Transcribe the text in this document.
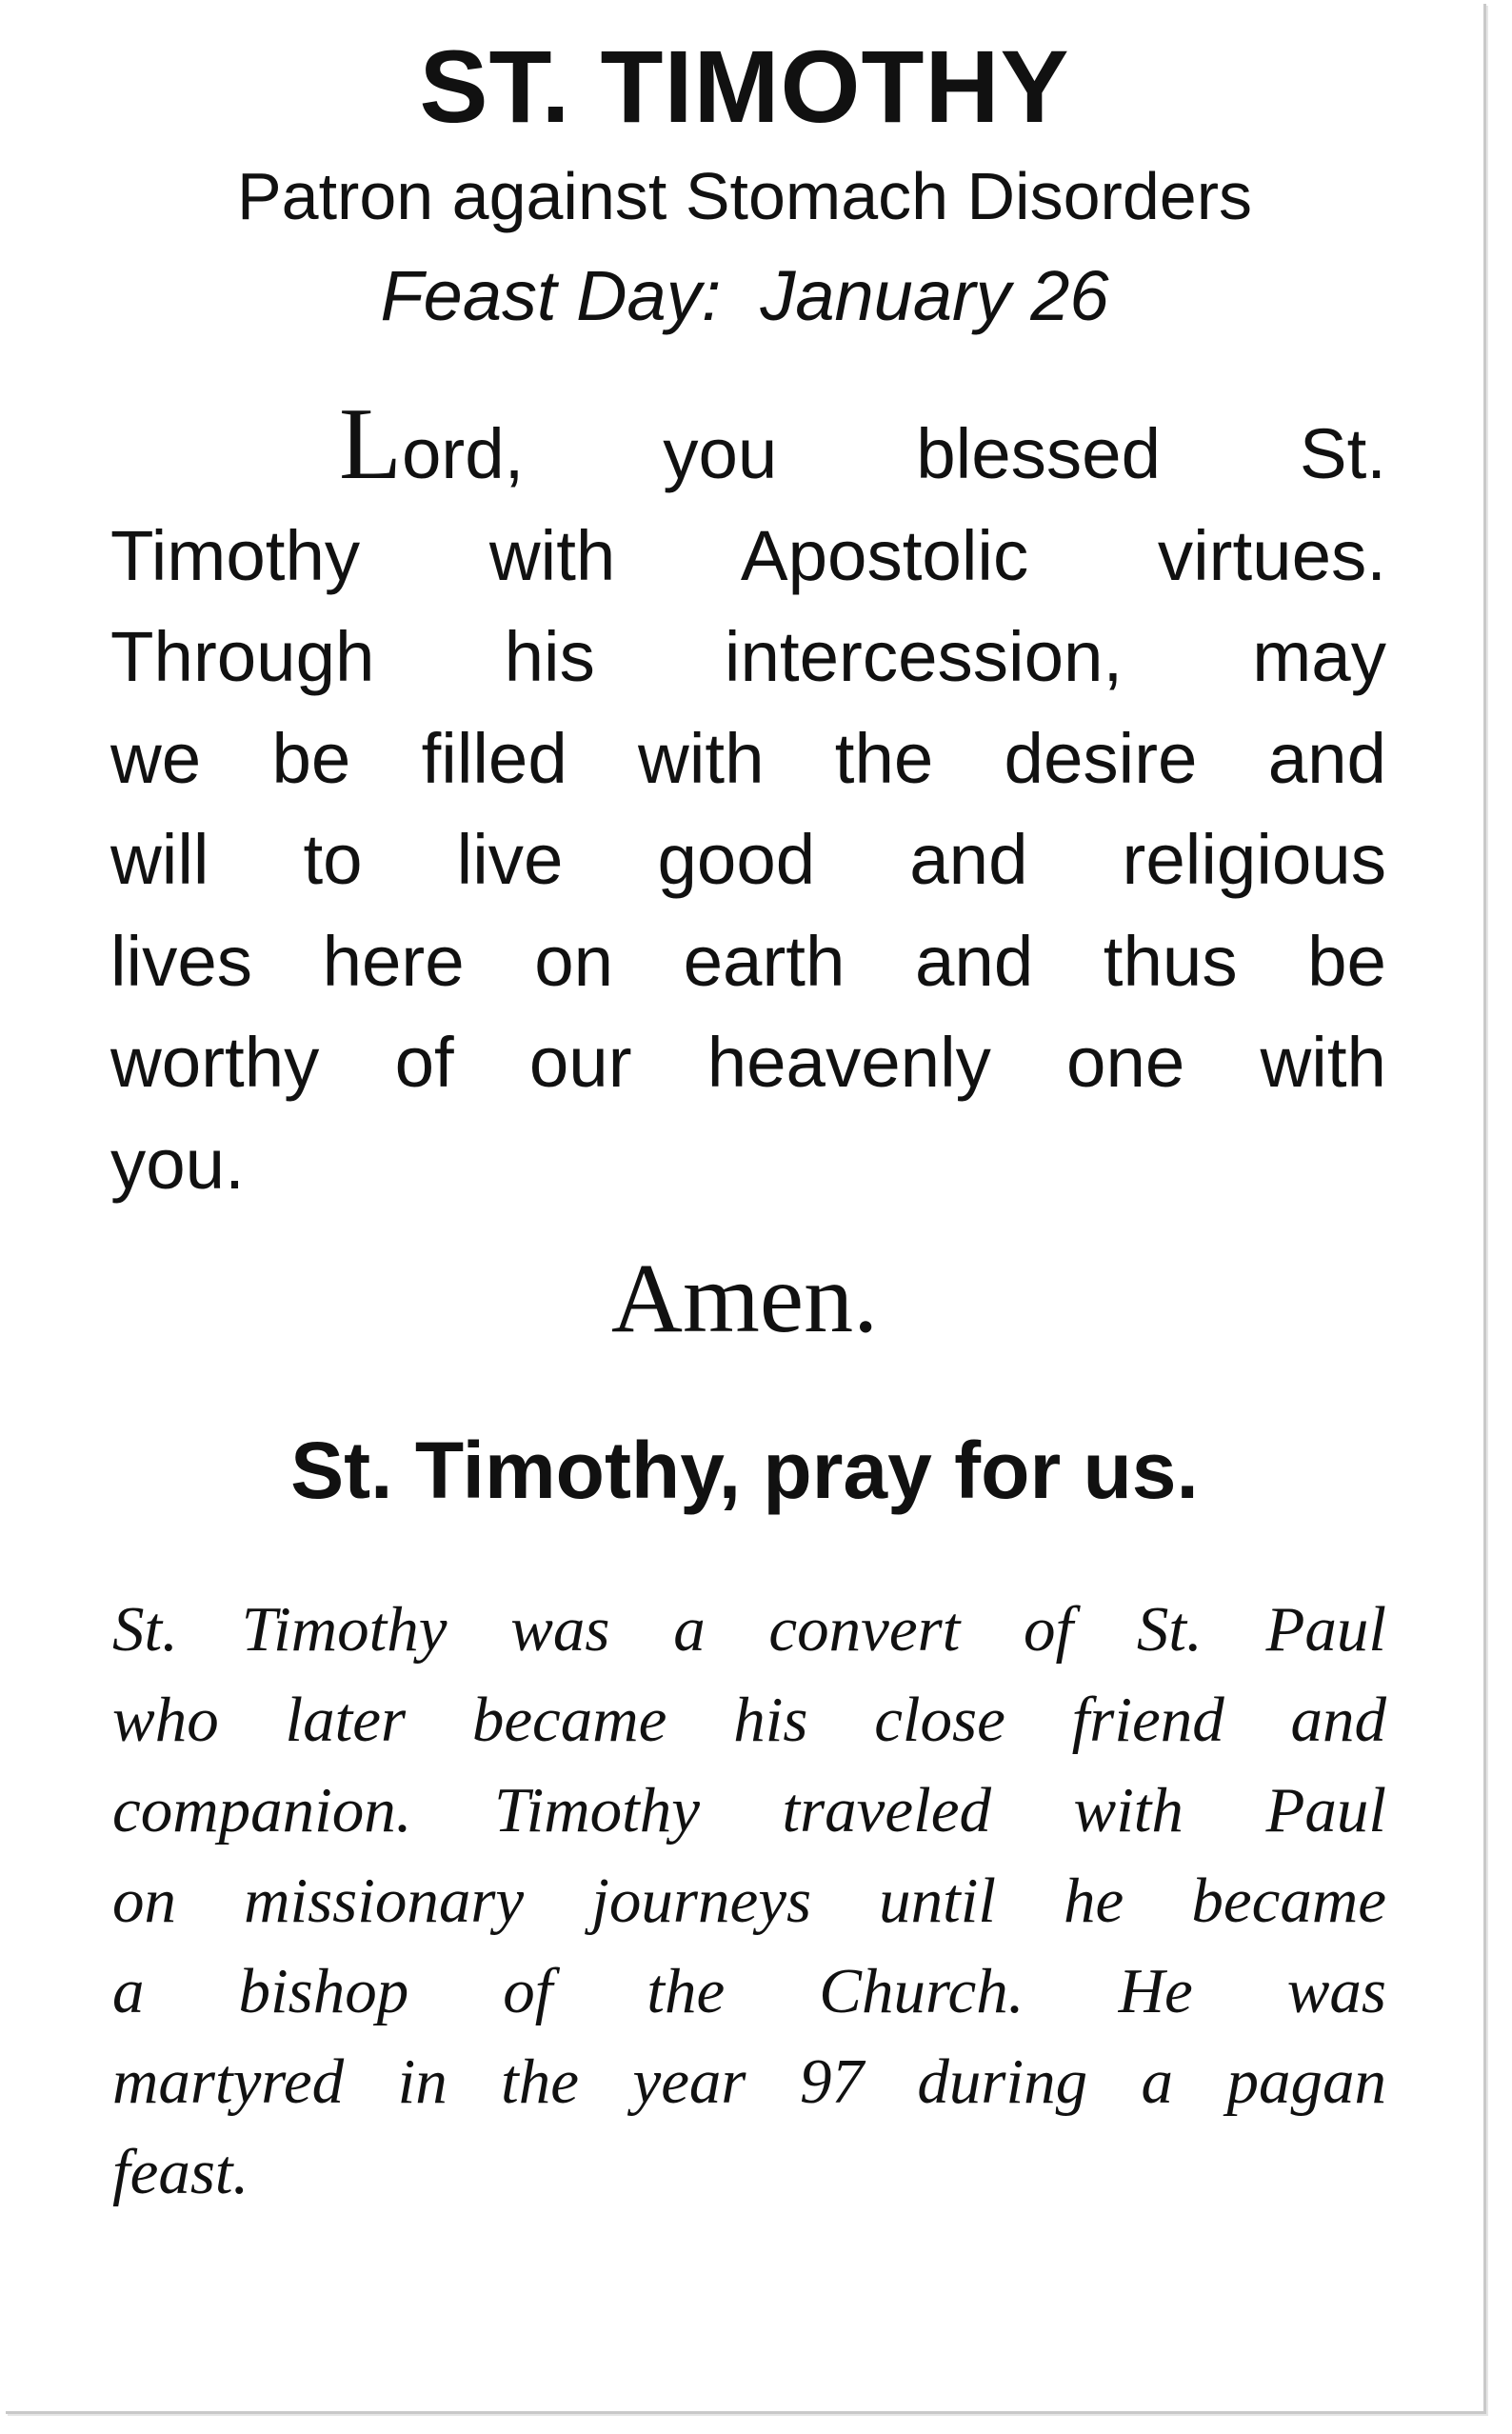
ST. TIMOTHY
Patron against Stomach Disorders
Feast Day:  January 26
Lord, you blessed St.
Timothy with Apostolic virtues.
Through his intercession, may
we be filled with the desire and
will to live good and religious
lives here on earth and thus be
worthy of our heavenly one with
you.
Amen.
St. Timothy, pray for us.
St. Timothy was a convert of St. Paul
who later became his close friend and
companion. Timothy traveled with Paul
on missionary journeys until he became
a bishop of the Church. He was
martyred in the year 97 during a pagan
feast.
